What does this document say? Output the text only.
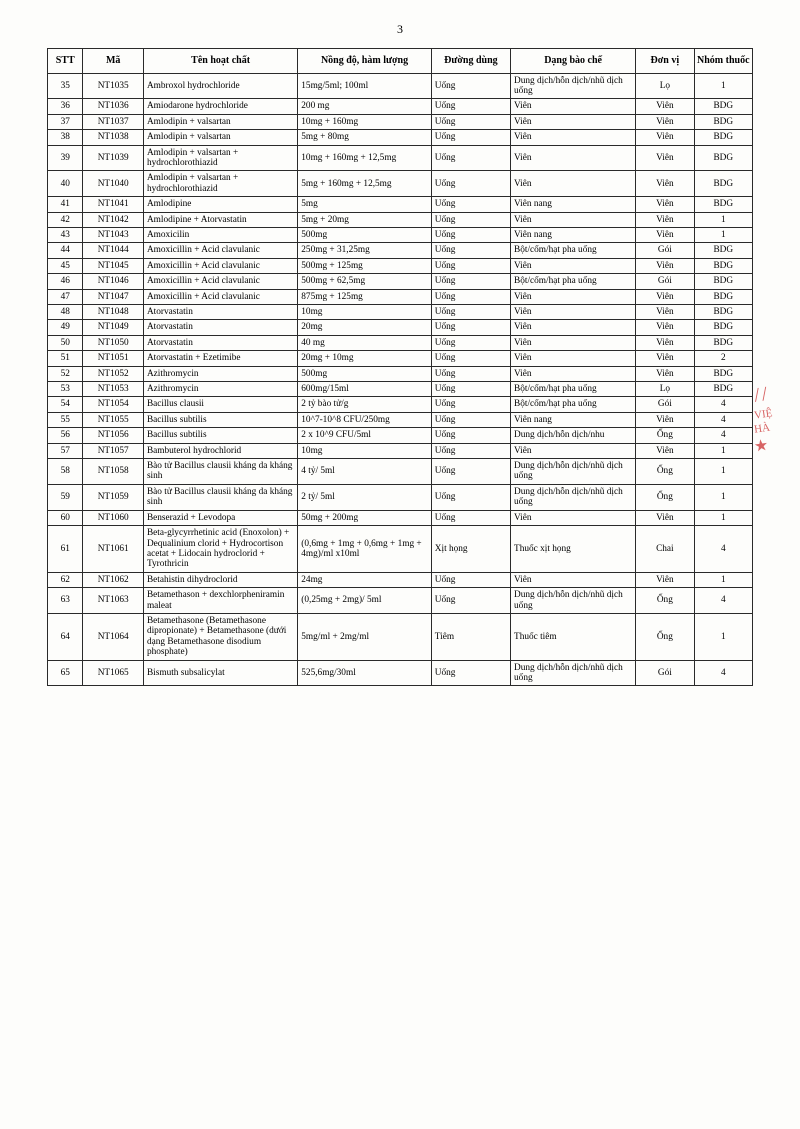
3
STT	Mã	Tên hoạt chất	Nồng độ, hàm lượng	Đường dùng	Dạng bào chế	Đơn vị	Nhóm thuốc
35	NT1035	Ambroxol hydrochloride	15mg/5ml; 100ml	Uống	Dung dịch/hỗn dịch/nhũ dịch uống	Lọ	1
36	NT1036	Amiodarone hydrochloride	200 mg	Uống	Viên	Viên	BDG
37	NT1037	Amlodipin + valsartan	10mg + 160mg	Uống	Viên	Viên	BDG
38	NT1038	Amlodipin + valsartan	5mg + 80mg	Uống	Viên	Viên	BDG
39	NT1039	Amlodipin + valsartan + hydrochlorothiazid	10mg + 160mg + 12,5mg	Uống	Viên	Viên	BDG
40	NT1040	Amlodipin + valsartan + hydrochlorothiazid	5mg + 160mg + 12,5mg	Uống	Viên	Viên	BDG
41	NT1041	Amlodipine	5mg	Uống	Viên nang	Viên	BDG
42	NT1042	Amlodipine + Atorvastatin	5mg + 20mg	Uống	Viên	Viên	1
43	NT1043	Amoxicilin	500mg	Uống	Viên nang	Viên	1
44	NT1044	Amoxicillin + Acid clavulanic	250mg + 31,25mg	Uống	Bột/cốm/hạt pha uống	Gói	BDG
45	NT1045	Amoxicillin + Acid clavulanic	500mg + 125mg	Uống	Viên	Viên	BDG
46	NT1046	Amoxicillin + Acid clavulanic	500mg + 62,5mg	Uống	Bột/cốm/hạt pha uống	Gói	BDG
47	NT1047	Amoxicillin + Acid clavulanic	875mg + 125mg	Uống	Viên	Viên	BDG
48	NT1048	Atorvastatin	10mg	Uống	Viên	Viên	BDG
49	NT1049	Atorvastatin	20mg	Uống	Viên	Viên	BDG
50	NT1050	Atorvastatin	40 mg	Uống	Viên	Viên	BDG
51	NT1051	Atorvastatin + Ezetimibe	20mg + 10mg	Uống	Viên	Viên	2
52	NT1052	Azithromycin	500mg	Uống	Viên	Viên	BDG
53	NT1053	Azithromycin	600mg/15ml	Uống	Bột/cốm/hạt pha uống	Lọ	BDG
54	NT1054	Bacillus clausii	2 tỷ bào tử/g	Uống	Bột/cốm/hạt pha uống	Gói	4
55	NT1055	Bacillus subtilis	10^7-10^8 CFU/250mg	Uống	Viên nang	Viên	4
56	NT1056	Bacillus subtilis	2 x 10^9 CFU/5ml	Uống	Dung dịch/hỗn dịch/nhu	Ống	4
57	NT1057	Bambuterol hydrochlorid	10mg	Uống	Viên	Viên	1
58	NT1058	Bào tử Bacillus clausii kháng da kháng sinh	4 tỷ/ 5ml	Uống	Dung dịch/hỗn dịch/nhũ dịch uống	Ống	1
59	NT1059	Bào tử Bacillus clausii kháng da kháng sinh	2 tỷ/ 5ml	Uống	Dung dịch/hỗn dịch/nhũ dịch uống	Ống	1
60	NT1060	Benserazid + Levodopa	50mg + 200mg	Uống	Viên	Viên	1
61	NT1061	Beta-glycyrrhetinic acid (Enoxolon) + Dequalinium clorid + Hydrocortison acetat + Lidocain hydroclorid + Tyrothricin	(0,6mg + 1mg + 0,6mg + 1mg + 4mg)/ml x10ml	Xịt họng	Thuốc xịt họng	Chai	4
62	NT1062	Betahistin dihydroclorid	24mg	Uống	Viên	Viên	1
63	NT1063	Betamethason + dexchlorpheniramin maleat	(0,25mg + 2mg)/ 5ml	Uống	Dung dịch/hỗn dịch/nhũ dịch uống	Ống	4
64	NT1064	Betamethasone (Betamethasone dipropionate) + Betamethasone (dưới dạng Betamethasone disodium phosphate)	5mg/ml + 2mg/ml	Tiêm	Thuốc tiêm	Ống	1
65	NT1065	Bismuth subsalicylat	525,6mg/30ml	Uống	Dung dịch/hỗn dịch/nhũ dịch uống	Gói	4
//
VIỆ
HÀ
★
